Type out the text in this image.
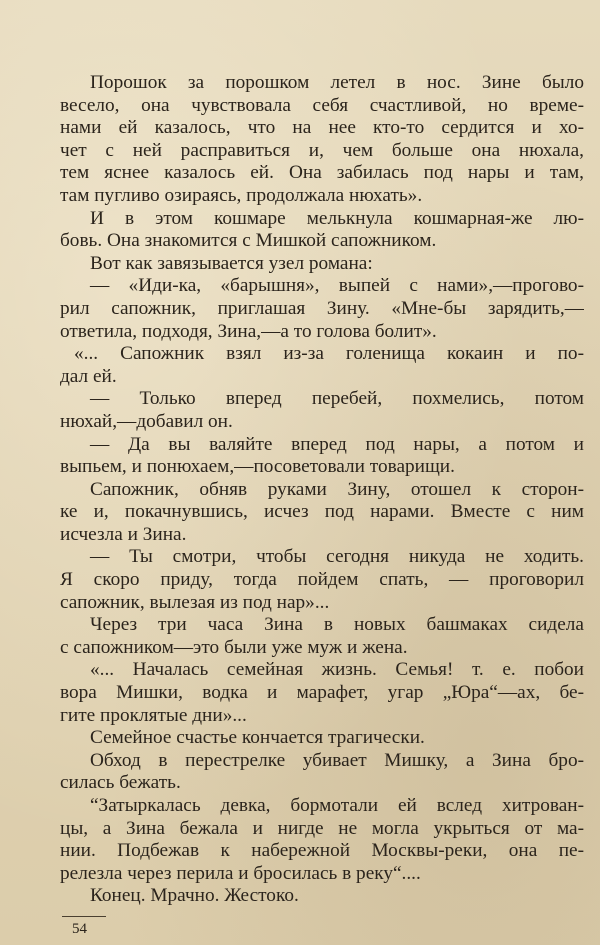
Порошок за порошком летел в нос. Зине было
весело, она чувствовала себя счастливой, но време-
нами ей казалось, что на нее кто-то сердится и хо-
чет с ней расправиться и, чем больше она нюхала,
тем яснее казалось ей. Она забилась под нары и там,
там пугливо озираясь, продолжала нюхать».
И в этом кошмаре мелькнула кошмарная-же лю-
бовь. Она знакомится с Мишкой сапожником.
Вот как завязывается узел романа:
— «Иди-ка, «барышня», выпей с нами»,—прогово-
рил сапожник, приглашая Зину. «Мне-бы зарядить,—
ответила, подходя, Зина,—а то голова болит».
«... Сапожник взял из-за голенища кокаин и по-
дал ей.
— Только вперед перебей, похмелись, потом
нюхай,—добавил он.
— Да вы валяйте вперед под нары, а потом и
выпьем, и понюхаем,—посоветовали товарищи.
Сапожник, обняв руками Зину, отошел к сторон-
ке и, покачнувшись, исчез под нарами. Вместе с ним
исчезла и Зина.
— Ты смотри, чтобы сегодня никуда не ходить.
Я скоро приду, тогда пойдем спать, — проговорил
сапожник, вылезая из под нар»...
Через три часа Зина в новых башмаках сидела
с сапожником—это были уже муж и жена.
«... Началась семейная жизнь. Семья! т. е. побои
вора Мишки, водка и марафет, угар „Юра“—ах, бе-
гите проклятые дни»...
Семейное счастье кончается трагически.
Обход в перестрелке убивает Мишку, а Зина бро-
силась бежать.
“Затыркалась девка, бормотали ей вслед хитрован-
цы, а Зина бежала и нигде не могла укрыться от ма-
нии. Подбежав к набережной Москвы-реки, она пе-
релезла через перила и бросилась в реку“....
Конец. Мрачно. Жестоко.
54
